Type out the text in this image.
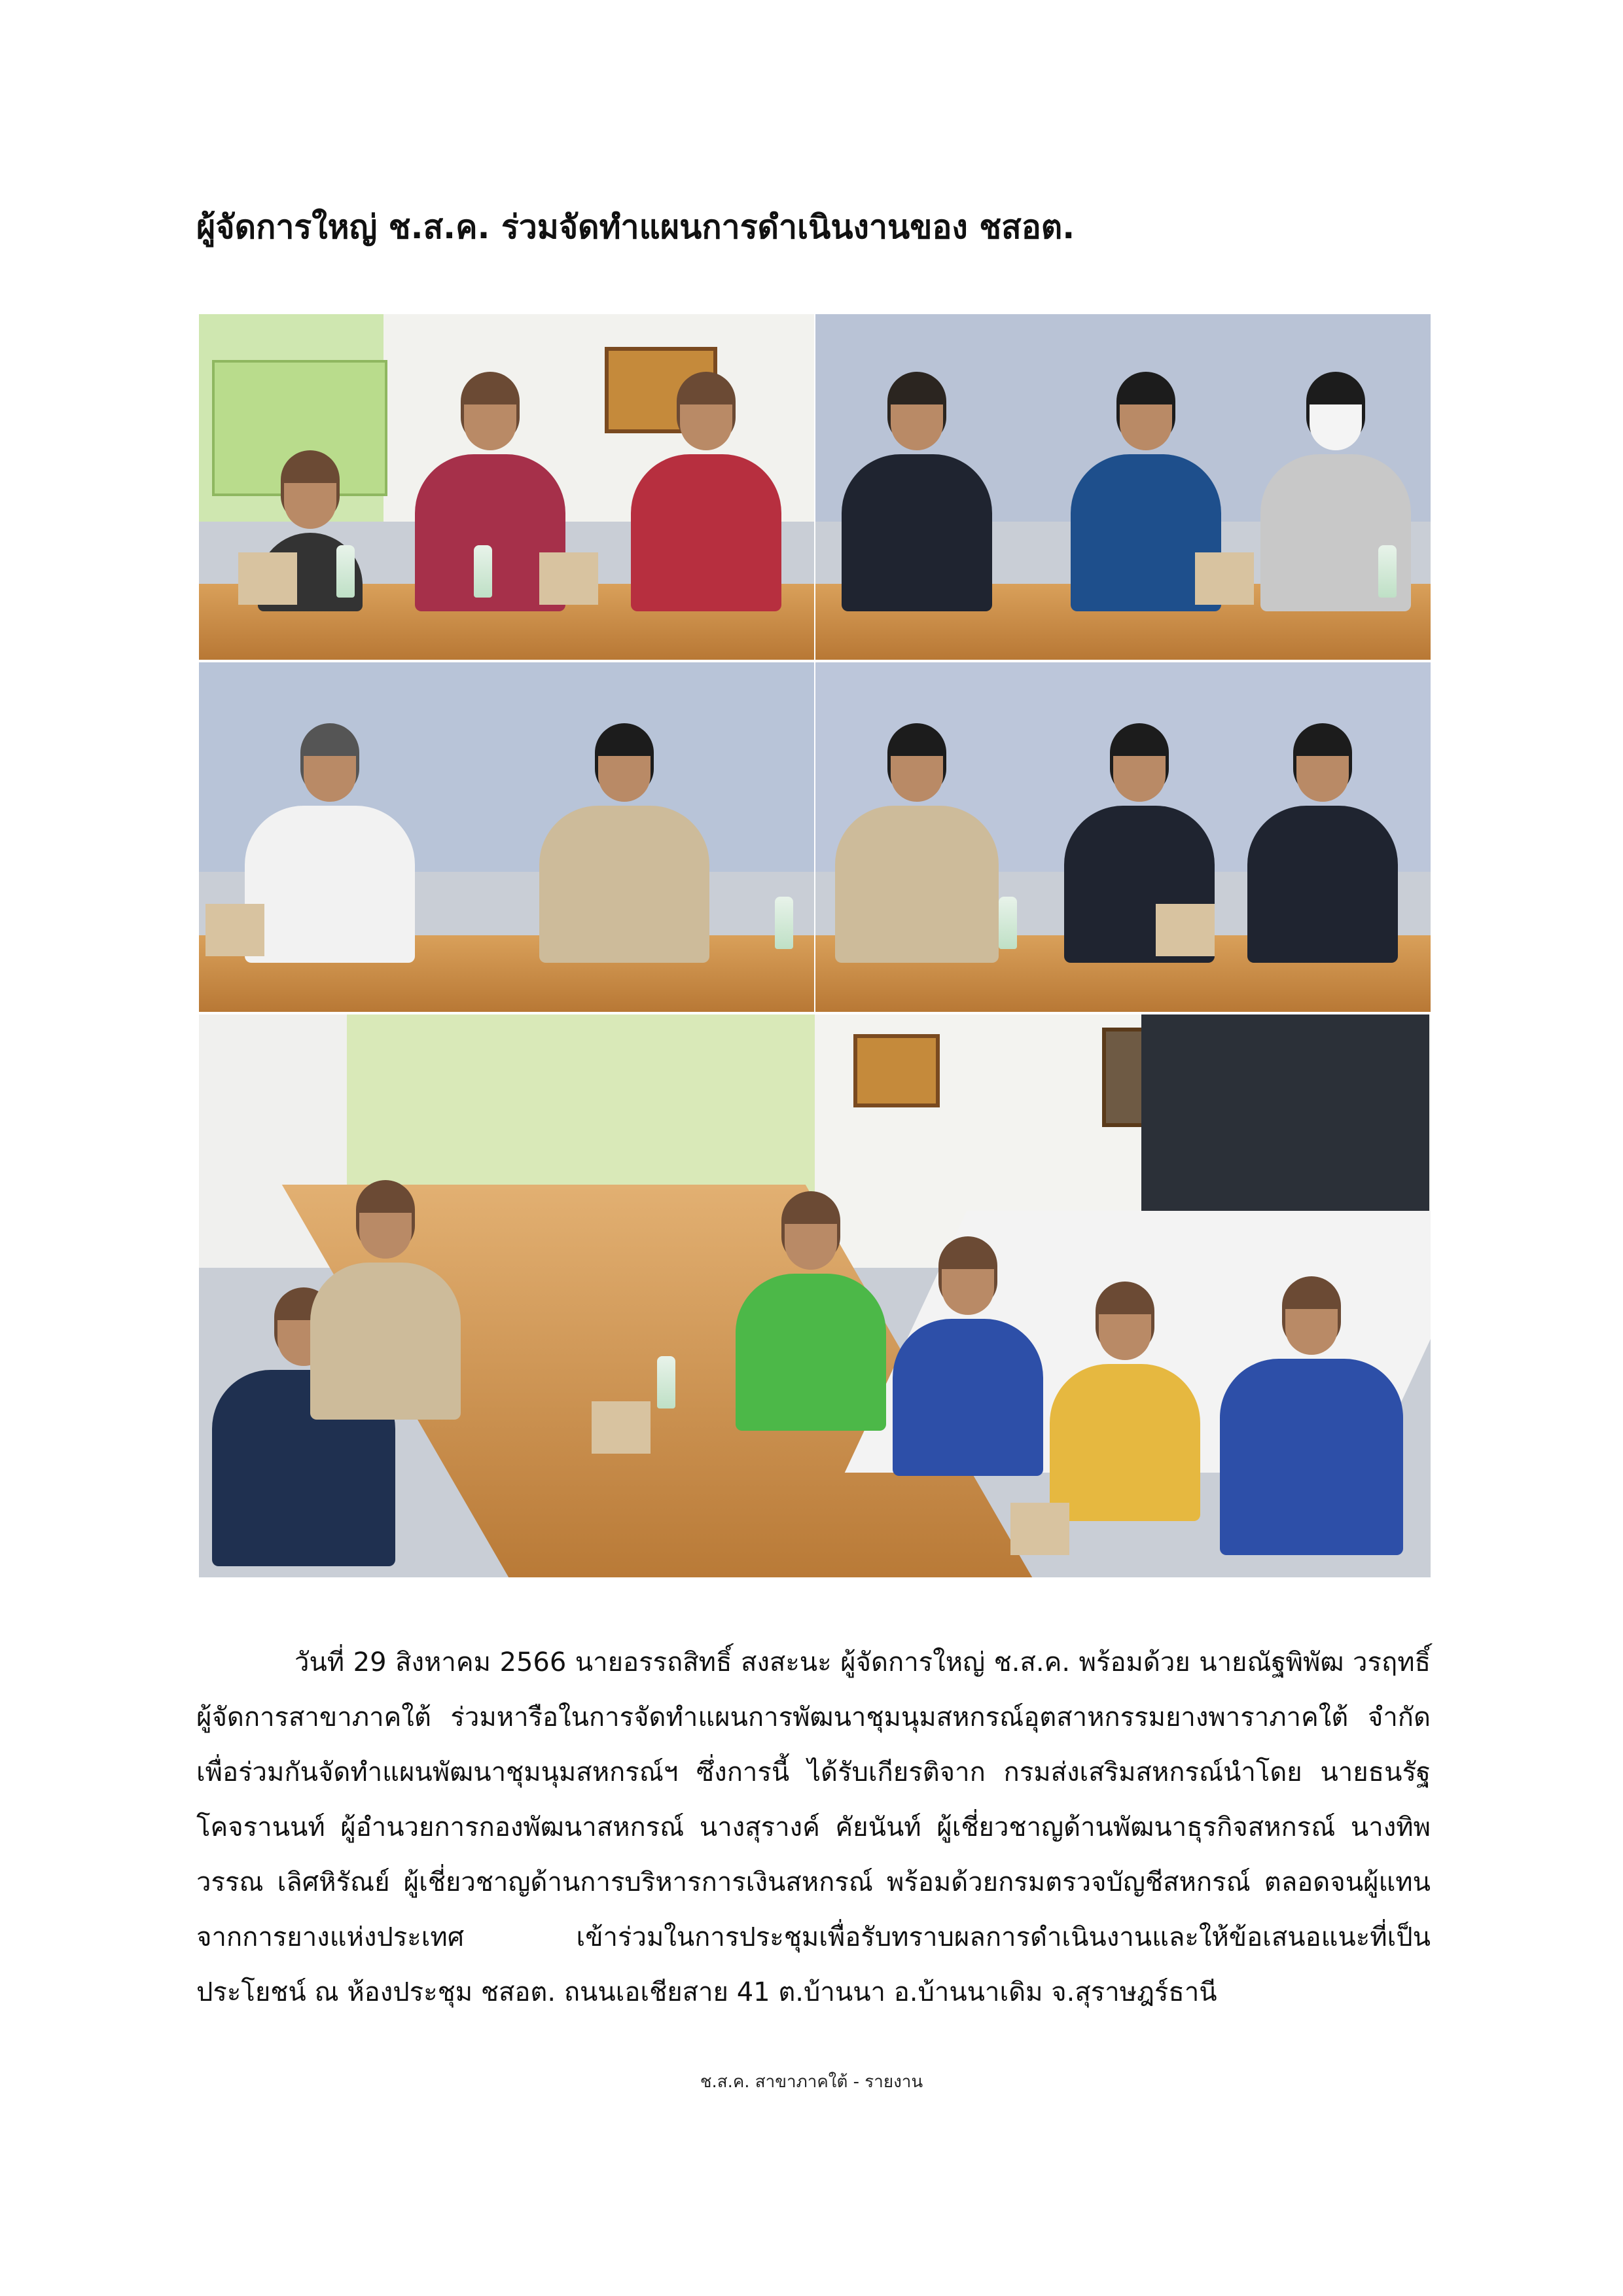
ผู้จัดการใหญ่ ช.ส.ค. ร่วมจัดทำแผนการดำเนินงานของ ชสอต.

วันที่ 29 สิงหาคม 2566 นายอรรถสิทธิ์ สงสะนะ ผู้จัดการใหญ่ ช.ส.ค. พร้อมด้วย นายณัฐพิพัฒ วรฤทธิ์ ผู้จัดการสาขาภาคใต้ ร่วมหารือในการจัดทำแผนการพัฒนาชุมนุมสหกรณ์อุตสาหกรรมยางพาราภาคใต้ จำกัด เพื่อร่วมกันจัดทำแผนพัฒนาชุมนุมสหกรณ์ฯ ซึ่งการนี้ ได้รับเกียรติจาก กรมส่งเสริมสหกรณ์นำโดย นายธนรัฐ โคจรานนท์ ผู้อำนวยการกองพัฒนาสหกรณ์ นางสุรางค์ คัยนันท์ ผู้เชี่ยวชาญด้านพัฒนาธุรกิจสหกรณ์ นางทิพวรรณ เลิศหิรัณย์ ผู้เชี่ยวชาญด้านการบริหารการเงินสหกรณ์ พร้อมด้วยกรมตรวจบัญชีสหกรณ์ ตลอดจนผู้แทนจากการยางแห่งประเทศ เข้าร่วมในการประชุมเพื่อรับทราบผลการดำเนินงานและให้ข้อเสนอแนะที่เป็นประโยชน์ ณ ห้องประชุม ชสอต. ถนนเอเชียสาย 41 ต.บ้านนา อ.บ้านนาเดิม จ.สุราษฎร์ธานี

ช.ส.ค. สาขาภาคใต้ - รายงาน
